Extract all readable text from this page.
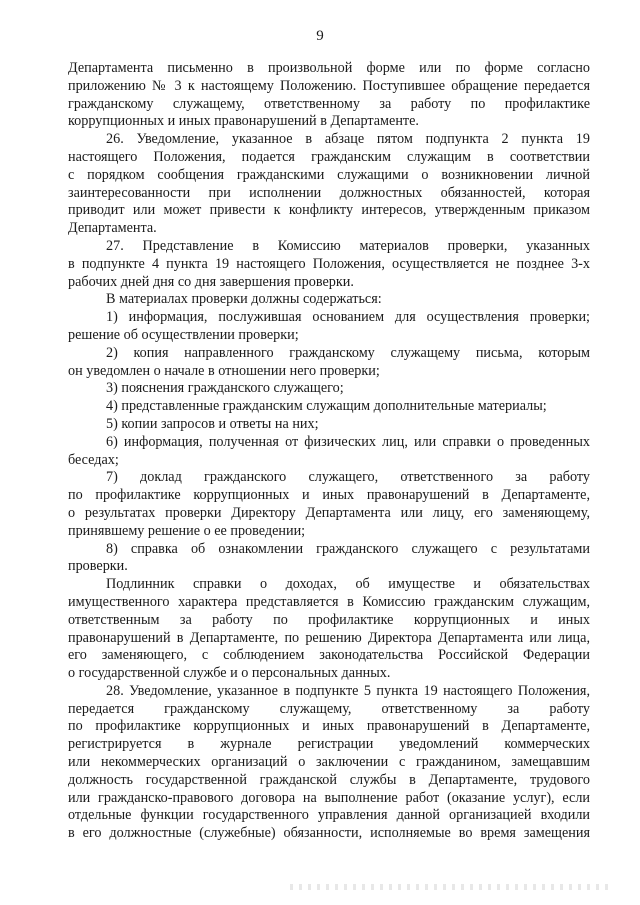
9
Департамента письменно в произвольной форме или по форме согласно
приложению № 3 к настоящему Положению. Поступившее обращение передается
гражданскому служащему, ответственному за работу по профилактике
коррупционных и иных правонарушений в Департаменте.
26. Уведомление, указанное в абзаце пятом подпункта 2 пункта 19
настоящего Положения, подается гражданским служащим в соответствии
с порядком сообщения гражданскими служащими о возникновении личной
заинтересованности при исполнении должностных обязанностей, которая
приводит или может привести к конфликту интересов, утвержденным приказом
Департамента.
27. Представление в Комиссию материалов проверки, указанных
в подпункте 4 пункта 19 настоящего Положения, осуществляется не позднее 3-х
рабочих дней дня со дня завершения проверки.
В материалах проверки должны содержаться:
1) информация, послужившая основанием для осуществления проверки;
решение об осуществлении проверки;
2) копия направленного гражданскому служащему письма, которым
он уведомлен о начале в отношении него проверки;
3) пояснения гражданского служащего;
4) представленные гражданским служащим дополнительные материалы;
5) копии запросов и ответы на них;
6) информация, полученная от физических лиц, или справки о проведенных
беседах;
7) доклад гражданского служащего, ответственного за работу
по профилактике коррупционных и иных правонарушений в Департаменте,
о результатах проверки Директору Департамента или лицу, его заменяющему,
принявшему решение о ее проведении;
8) справка об ознакомлении гражданского служащего с результатами
проверки.
Подлинник справки о доходах, об имуществе и обязательствах
имущественного характера представляется в Комиссию гражданским служащим,
ответственным за работу по профилактике коррупционных и иных
правонарушений в Департаменте, по решению Директора Департамента или лица,
его заменяющего, с соблюдением законодательства Российской Федерации
о государственной службе и о персональных данных.
28. Уведомление, указанное в подпункте 5 пункта 19 настоящего Положения,
передается гражданскому служащему, ответственному за работу
по профилактике коррупционных и иных правонарушений в Департаменте,
регистрируется в журнале регистрации уведомлений коммерческих
или некоммерческих организаций о заключении с гражданином, замещавшим
должность государственной гражданской службы в Департаменте, трудового
или гражданско-правового договора на выполнение работ (оказание услуг), если
отдельные функции государственного управления данной организацией входили
в его должностные (служебные) обязанности, исполняемые во время замещения
